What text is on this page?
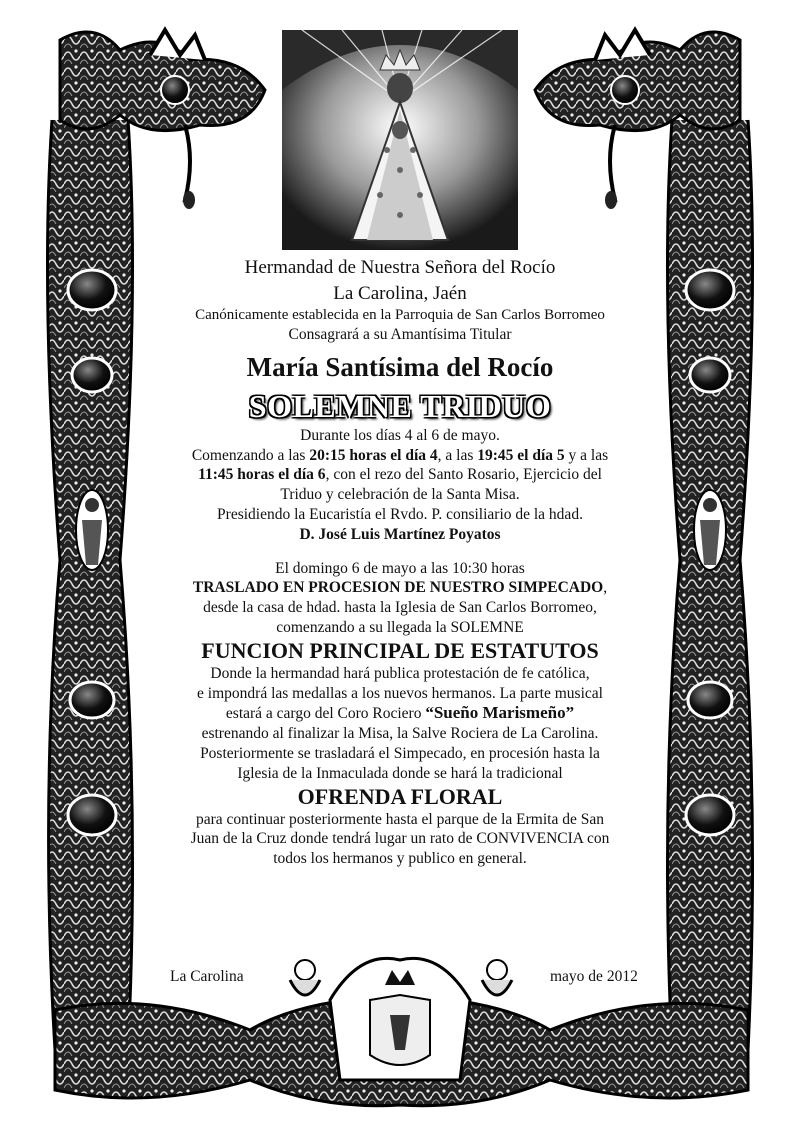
Hermandad de Nuestra Señora del Rocío

La Carolina, Jaén

Canónicamente establecida en la Parroquia de San Carlos Borromeo

Consagrará a su Amantísima Titular

María Santísima del Rocío

SOLEMNE TRIDUO

Durante los días 4 al 6 de mayo.

Comenzando a las 20:15 horas el día 4, a las 19:45 el día 5 y a las

11:45 horas el día 6, con el rezo del Santo Rosario, Ejercicio del

Triduo y celebración de la Santa Misa.

Presidiendo la Eucaristía el Rvdo. P. consiliario de la hdad.

D. José Luis Martínez Poyatos

El domingo 6 de mayo a las 10:30 horas

TRASLADO EN PROCESION DE NUESTRO SIMPECADO,

desde la casa de hdad. hasta la Iglesia de San Carlos Borromeo,

comenzando a su llegada la SOLEMNE

FUNCION PRINCIPAL DE ESTATUTOS

Donde la hermandad hará publica protestación de fe católica,

e impondrá las medallas a los nuevos hermanos. La parte musical

estará a cargo del Coro Rociero “Sueño Marismeño”

estrenando al finalizar la Misa, la Salve Rociera de La Carolina.

Posteriormente se trasladará el Simpecado, en procesión hasta la

Iglesia de la Inmaculada donde se hará la tradicional

OFRENDA FLORAL

para continuar posteriormente hasta el parque de la Ermita de San

Juan de la Cruz donde tendrá lugar un rato de CONVIVENCIA con

todos los hermanos y publico en general.

La Carolina	mayo de 2012
